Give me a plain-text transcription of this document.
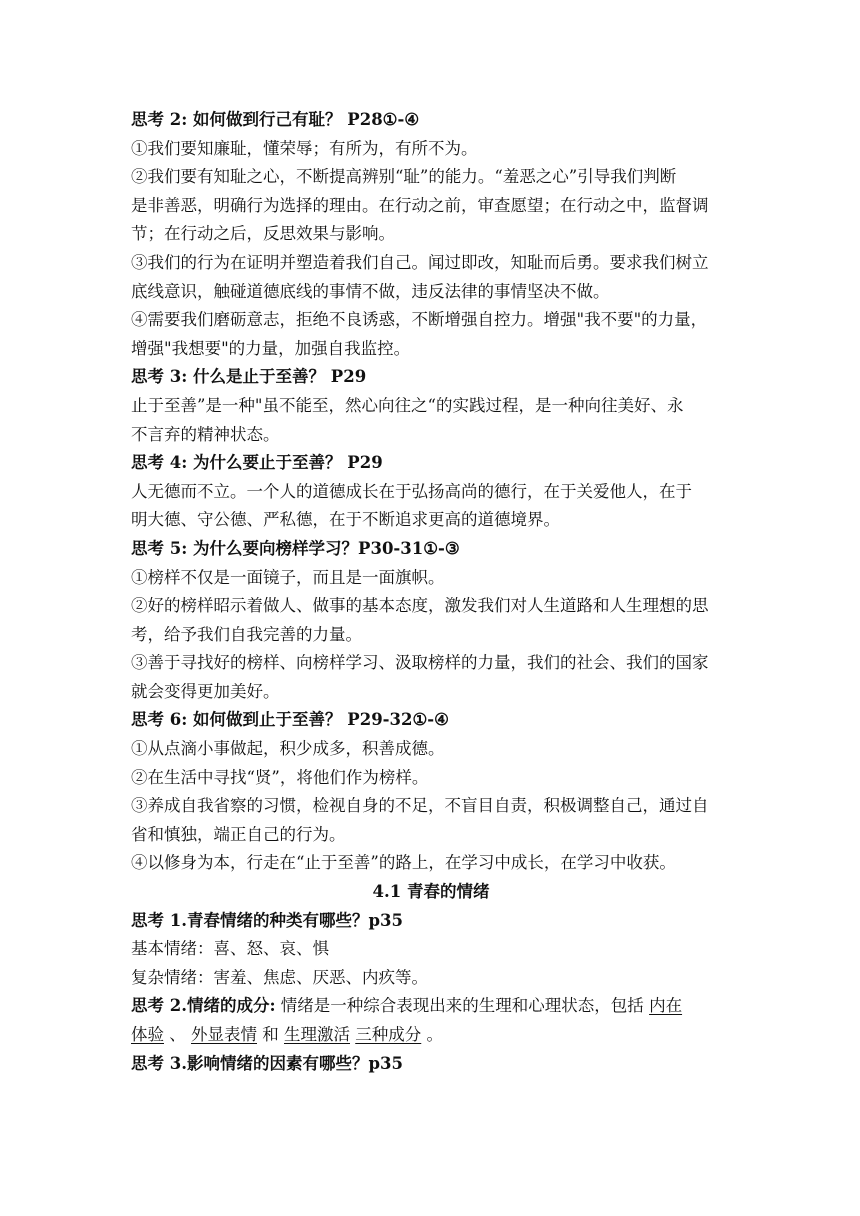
思考 2: 如何做到行己有耻？ P28①-④
①我们要知廉耻，懂荣辱；有所为，有所不为。
②我们要有知耻之心，不断提高辨别“耻”的能力。“羞恶之心”引导我们判断
是非善恶，明确行为选择的理由。在行动之前，审查愿望；在行动之中，监督调
节；在行动之后，反思效果与影响。
③我们的行为在证明并塑造着我们自己。闻过即改，知耻而后勇。要求我们树立
底线意识，触碰道德底线的事情不做，违反法律的事情坚决不做。
④需要我们磨砺意志，拒绝不良诱惑，不断增强自控力。增强"我不要"的力量，
增强"我想要"的力量，加强自我监控。
思考 3: 什么是止于至善？ P29
止于至善”是一种"虽不能至，然心向往之“的实践过程，是一种向往美好、永
不言弃的精神状态。
思考 4: 为什么要止于至善？ P29
人无德而不立。一个人的道德成长在于弘扬高尚的德行，在于关爱他人，在于
明大德、守公德、严私德，在于不断追求更高的道德境界。
思考 5: 为什么要向榜样学习？P30-31①-③
①榜样不仅是一面镜子，而且是一面旗帜。
②好的榜样昭示着做人、做事的基本态度，激发我们对人生道路和人生理想的思
考，给予我们自我完善的力量。
③善于寻找好的榜样、向榜样学习、汲取榜样的力量，我们的社会、我们的国家
就会变得更加美好。
思考 6: 如何做到止于至善？ P29-32①-④
①从点滴小事做起，积少成多，积善成德。
②在生活中寻找“贤”，将他们作为榜样。
③养成自我省察的习惯，检视自身的不足，不盲目自责，积极调整自己，通过自
省和慎独，端正自己的行为。
④以修身为本，行走在“止于至善”的路上，在学习中成长，在学习中收获。
4.1 青春的情绪
思考 1.青春情绪的种类有哪些？p35
基本情绪：喜、怒、哀、惧
复杂情绪：害羞、焦虑、厌恶、内疚等。
思考 2.情绪的成分: 情绪是一种综合表现出来的生理和心理状态，包括 内在
体验 、 外显表情 和 生理激活 三种成分 。
思考 3.影响情绪的因素有哪些？p35
